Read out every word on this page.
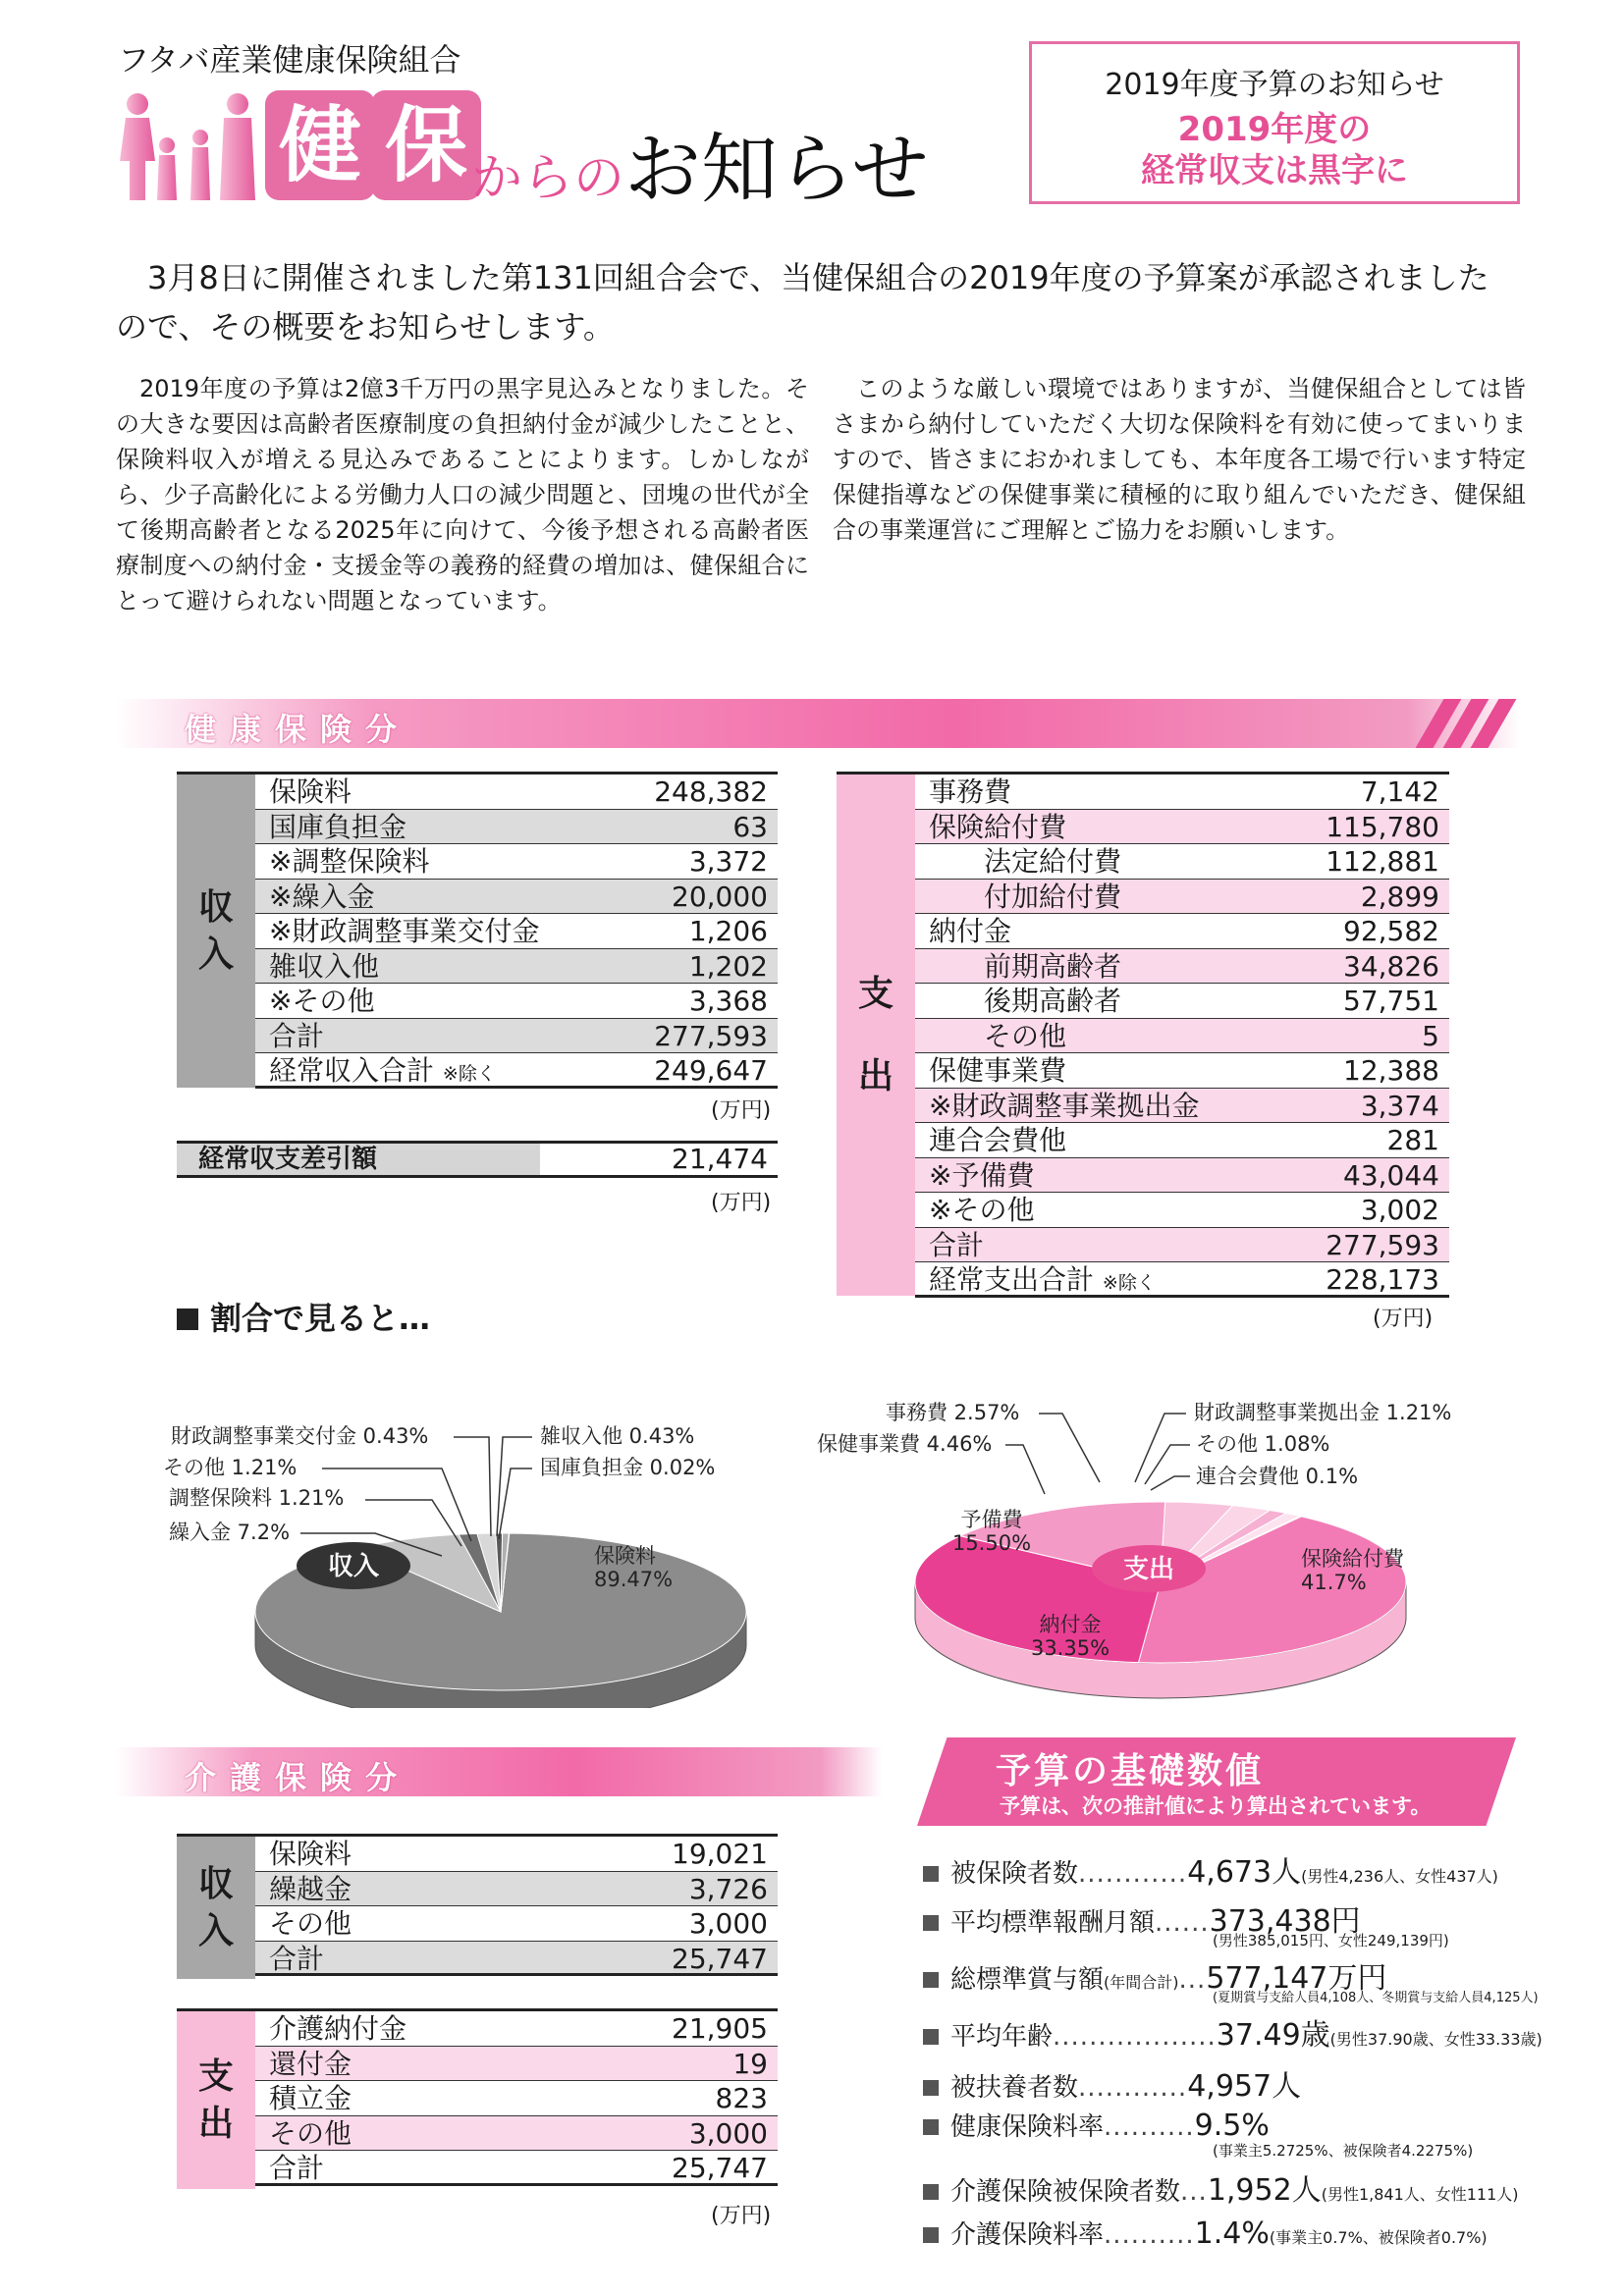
フタバ産業健康保険組合
健 保 からのお知らせ
2019年度予算のお知らせ
2019年度の
経常収支は黒字に
3月8日に開催されました第131回組合会で、当健保組合の2019年度の予算案が承認されましたので、その概要をお知らせします。
2019年度の予算は2億3千万円の黒字見込みとなりました。その大きな要因は高齢者医療制度の負担納付金が減少したことと、保険料収入が増える見込みであることによります。しかしながら、少子高齢化による労働力人口の減少問題と、団塊の世代が全て後期高齢者となる2025年に向けて、今後予想される高齢者医療制度への納付金・支援金等の義務的経費の増加は、健保組合にとって避けられない問題となっています。
このような厳しい環境ではありますが、当健保組合としては皆さまから納付していただく大切な保険料を有効に使ってまいりますので、皆さまにおかれましても、本年度各工場で行います特定保健指導などの保健事業に積極的に取り組んでいただき、健保組合の事業運営にご理解とご協力をお願いします。
健康保険分
収
入
保険料	248,382
国庫負担金	63
※調整保険料	3,372
※繰入金	20,000
※財政調整事業交付金	1,206
雑収入他	1,202
※その他	3,368
合計	277,593
経常収入合計 ※除く	249,647
(万円)
経常収支差引額	21,474
(万円)
支
出
事務費	7,142
保険給付費	115,780
法定給付費	112,881
付加給付費	2,899
納付金	92,582
前期高齢者	34,826
後期高齢者	57,751
その他	5
保健事業費	12,388
※財政調整事業拠出金	3,374
連合会費他	281
※予備費	43,044
※その他	3,002
合計	277,593
経常支出合計 ※除く	228,173
(万円)
割合で見ると…
収入	保険料 89.47%
繰入金 7.2%
調整保険料 1.21%
その他 1.21%
財政調整事業交付金 0.43%	雑収入他 0.43%
国庫負担金 0.02%
支出	保険給付費 41.7%
納付金 33.35%
予備費 15.50%
保健事業費 4.46%
事務費 2.57%	財政調整事業拠出金 1.21%
その他 1.08%
連合会費他 0.1%
介護保険分
収
入
保険料	19,021
繰越金	3,726
その他	3,000
合計	25,747
支
出
介護納付金	21,905
還付金	19
積立金	823
その他	3,000
合計	25,747
(万円)
予算の基礎数値
予算は、次の推計値により算出されています。
被保険者数............4,673人(男性4,236人、女性437人)
平均標準報酬月額......373,438円
(男性385,015円、女性249,139円)
総標準賞与額(年間合計)...577,147万円
(夏期賞与支給人員4,108人、冬期賞与支給人員4,125人)
平均年齢..................37.49歳(男性37.90歳、女性33.33歳)
被扶養者数............4,957人
健康保険料率..........9.5%
(事業主5.2725%、被保険者4.2275%)
介護保険被保険者数...1,952人(男性1,841人、女性111人)
介護保険料率..........1.4%(事業主0.7%、被保険者0.7%)
